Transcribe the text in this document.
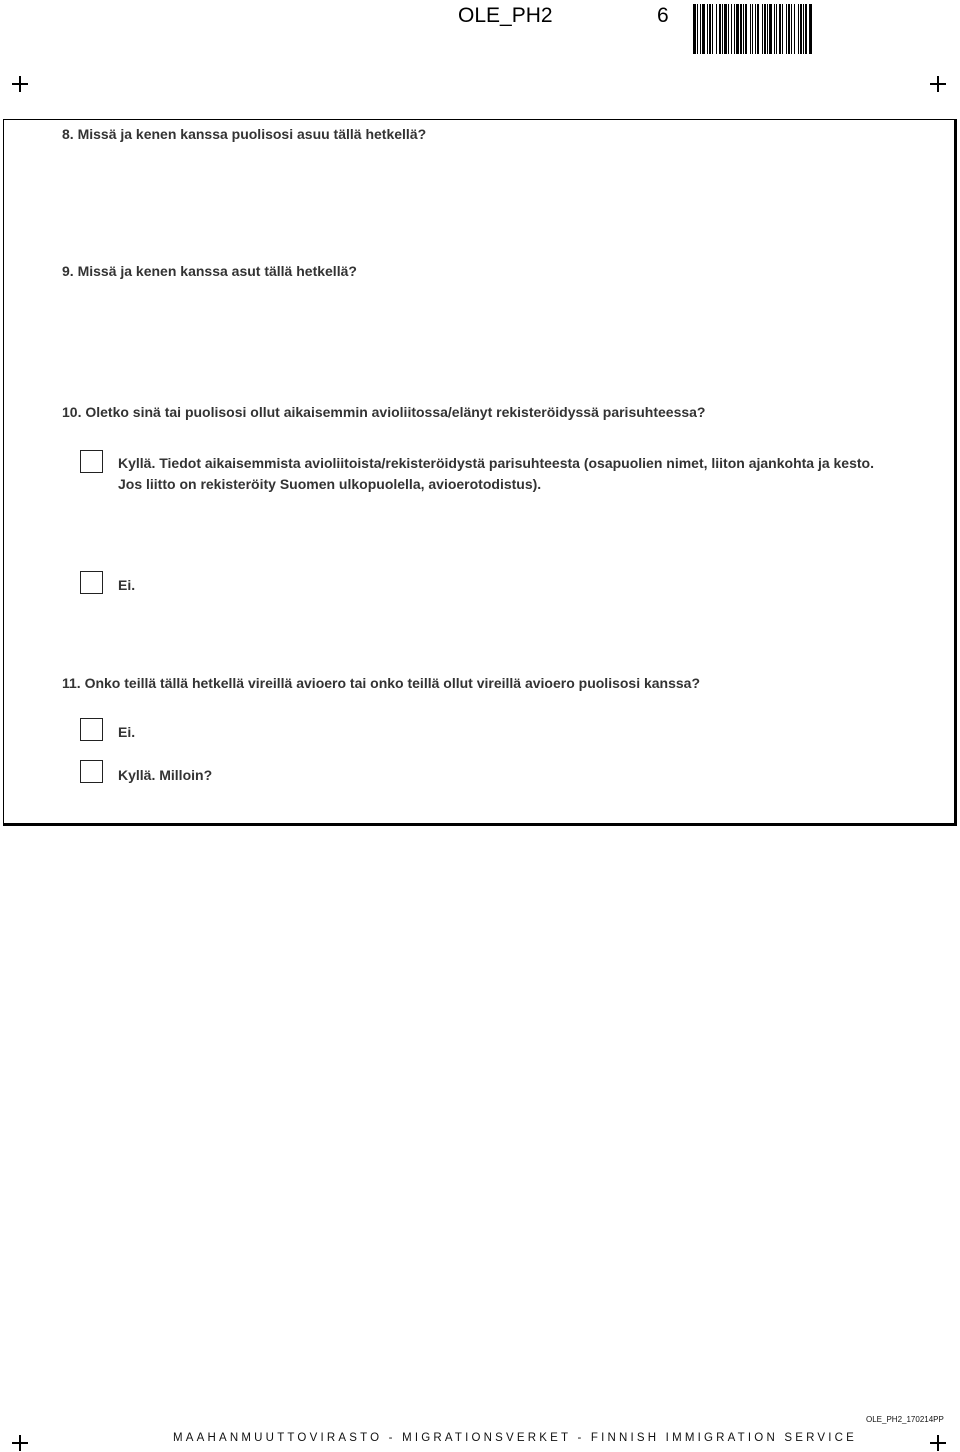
OLE_PH2	6
8. Missä ja kenen kanssa puolisosi asuu tällä hetkellä?
9. Missä ja kenen kanssa asut tällä hetkellä?
10. Oletko sinä tai puolisosi ollut aikaisemmin avioliitossa/elänyt rekisteröidyssä parisuhteessa?
Kyllä. Tiedot aikaisemmista avioliitoista/rekisteröidystä parisuhteesta (osapuolien nimet, liiton ajankohta ja kesto.
Jos liitto on rekisteröity Suomen ulkopuolella, avioerotodistus).
Ei.
11. Onko teillä tällä hetkellä vireillä avioero tai onko teillä ollut vireillä avioero puolisosi kanssa?
Ei.
Kyllä. Milloin?
OLE_PH2_170214PP
MAAHANMUUTTOVIRASTO - MIGRATIONSVERKET - FINNISH IMMIGRATION SERVICE
